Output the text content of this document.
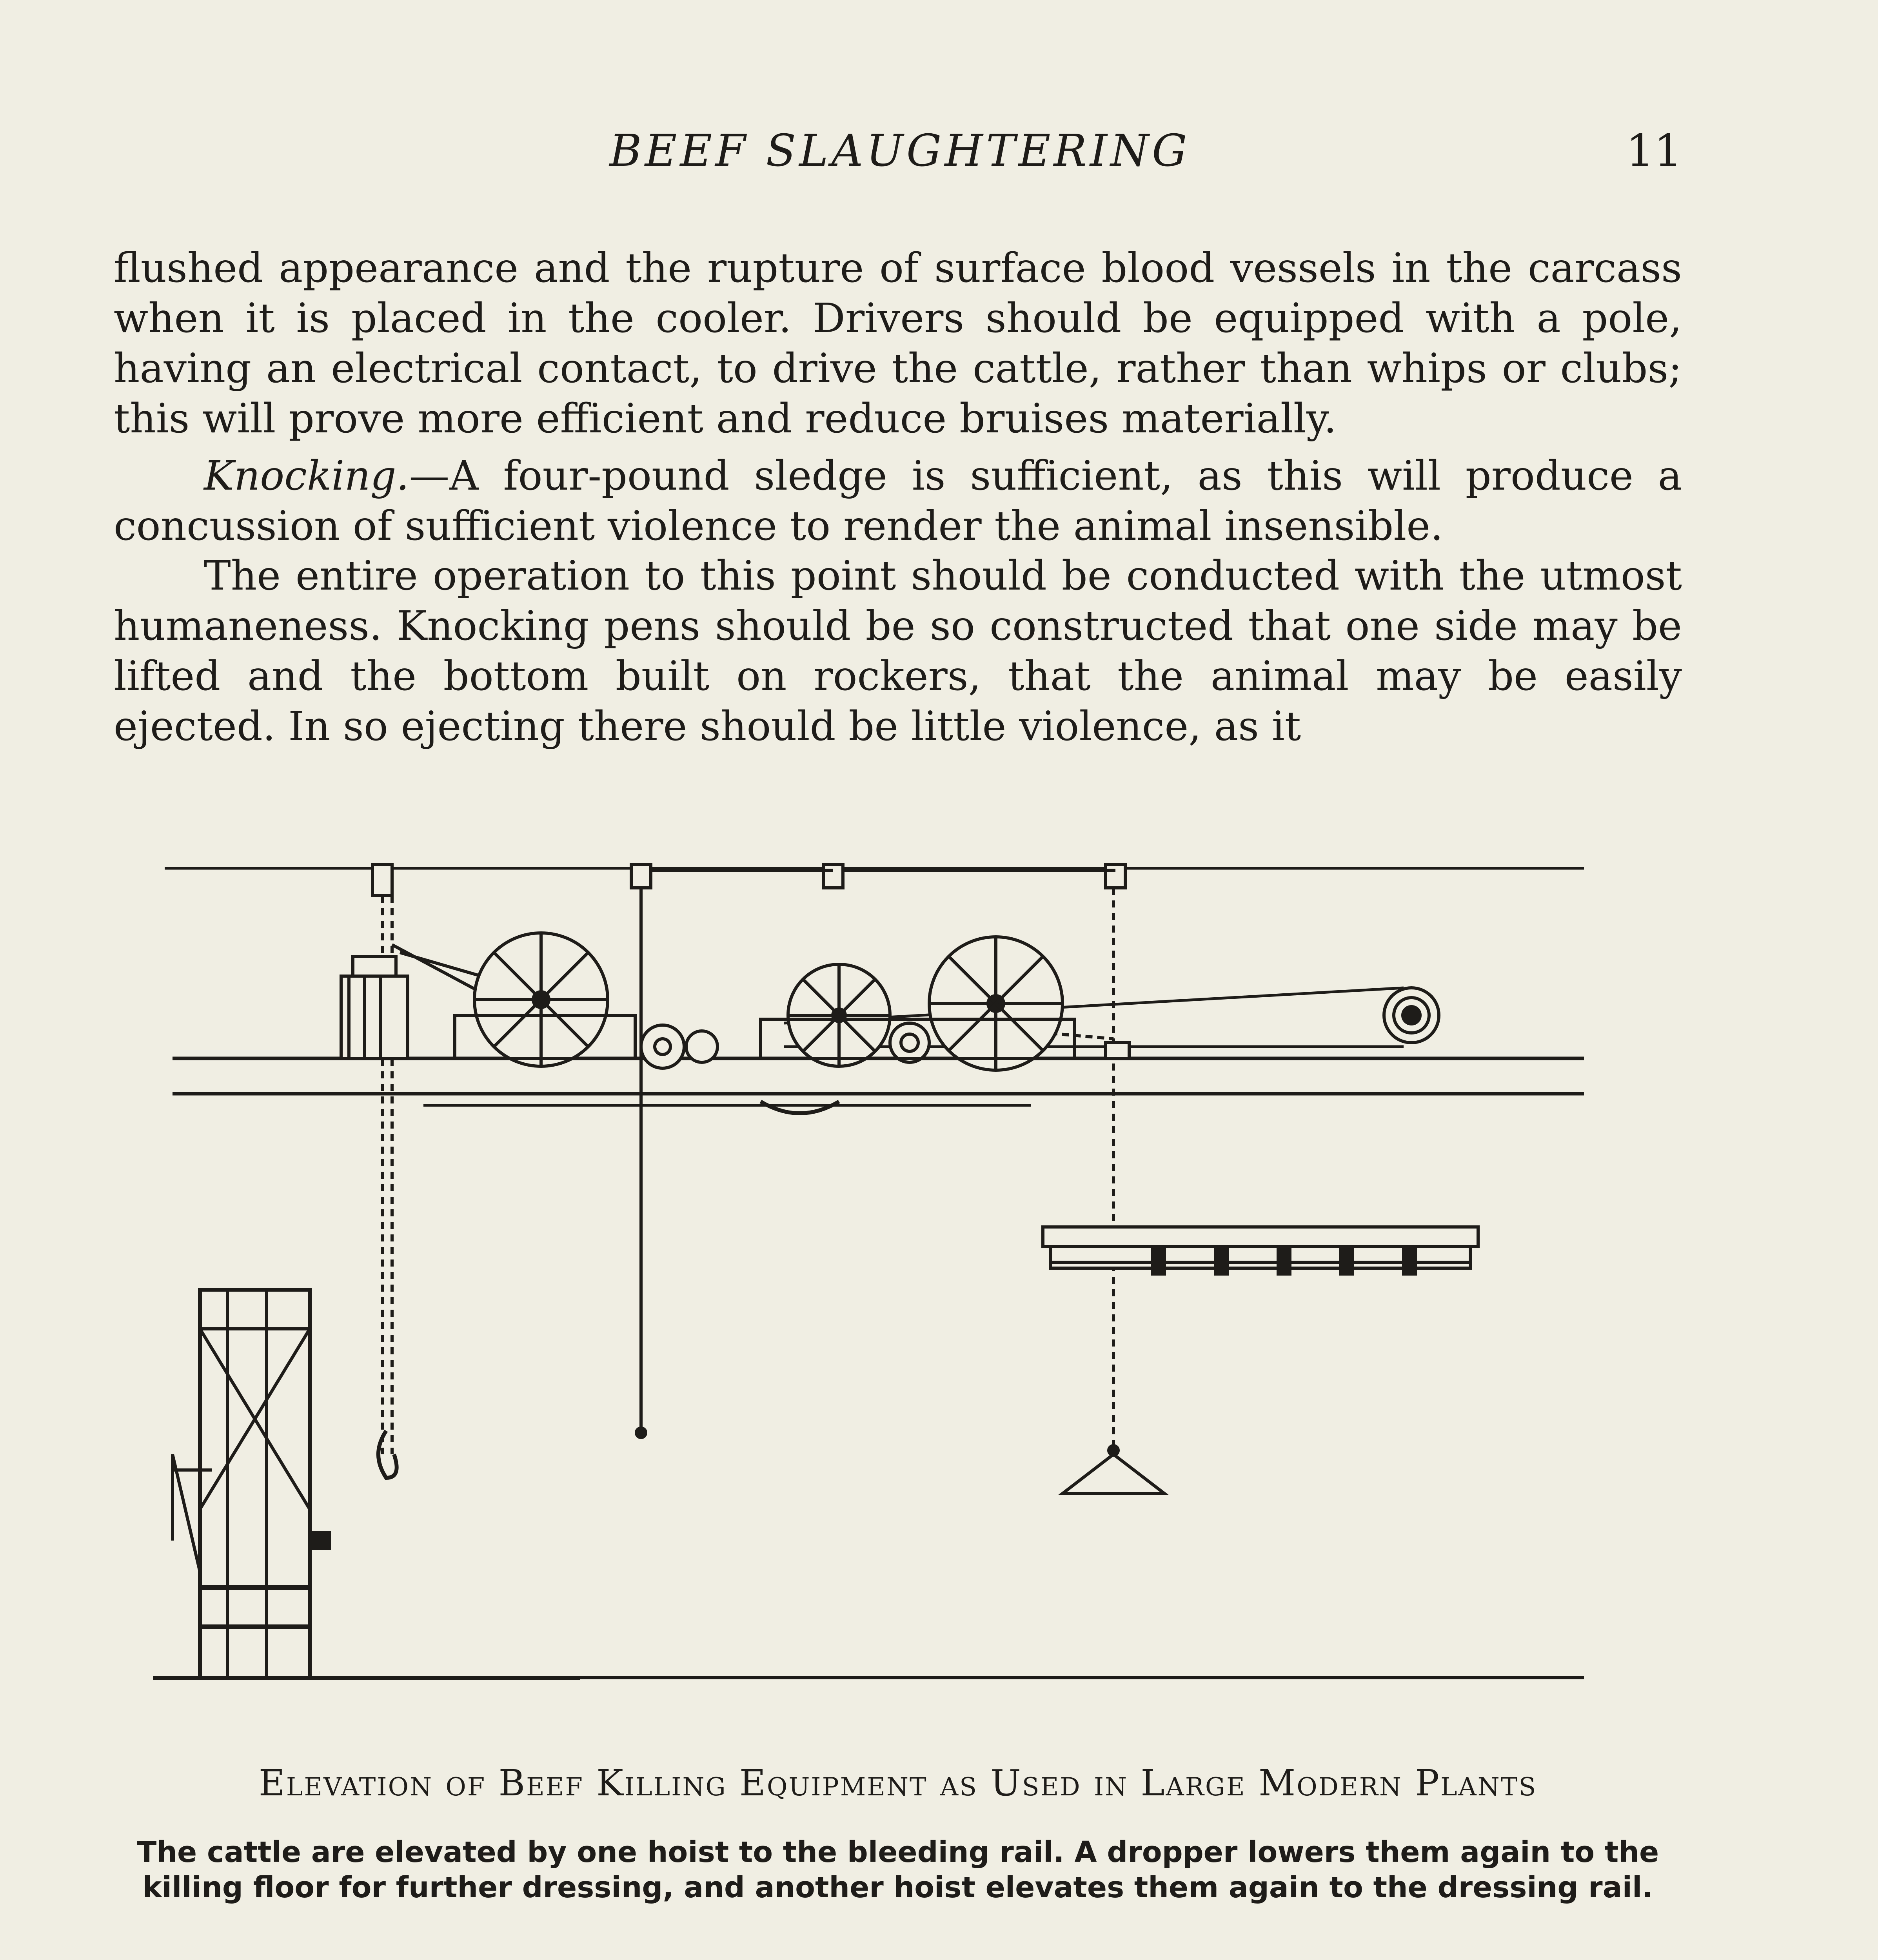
BEEF SLAUGHTERING	11

flushed appearance and the rupture of surface blood vessels in the carcass when it is placed in the cooler. Drivers should be equipped with a pole, having an electrical contact, to drive the cattle, rather than whips or clubs; this will prove more efficient and reduce bruises materially.

Knocking.—A four-pound sledge is sufficient, as this will produce a concussion of sufficient violence to render the animal insensible.

The entire operation to this point should be conducted with the utmost humaneness. Knocking pens should be so constructed that one side may be lifted and the bottom built on rockers, that the animal may be easily ejected. In so ejecting there should be little violence, as it

Elevation of Beef Killing Equipment as Used in Large Modern Plants
The cattle are elevated by one hoist to the bleeding rail. A dropper lowers them again to the killing floor for further dressing, and another hoist elevates them again to the dressing rail.
